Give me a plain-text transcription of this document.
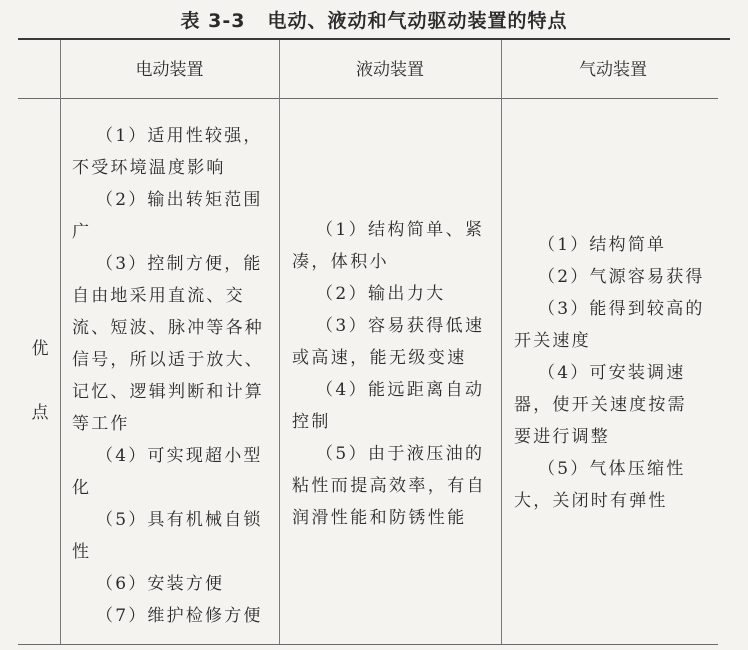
表 3-3 电动、液动和气动驱动装置的特点
电动装置	液动装置	气动装置
优
点
（1）适用性较强，
不受环境温度影响
（2）输出转矩范围
广
（3）控制方便，能
自由地采用直流、交
流、短波、脉冲等各种
信号，所以适于放大、
记忆、逻辑判断和计算
等工作
（4）可实现超小型
化
（5）具有机械自锁
性
（6）安装方便
（7）维护检修方便
（1）结构简单、紧
凑，体积小
（2）输出力大
（3）容易获得低速
或高速，能无级变速
（4）能远距离自动
控制
（5）由于液压油的
粘性而提高效率，有自
润滑性能和防锈性能
（1）结构简单
（2）气源容易获得
（3）能得到较高的
开关速度
（4）可安装调速
器，使开关速度按需
要进行调整
（5）气体压缩性
大，关闭时有弹性
